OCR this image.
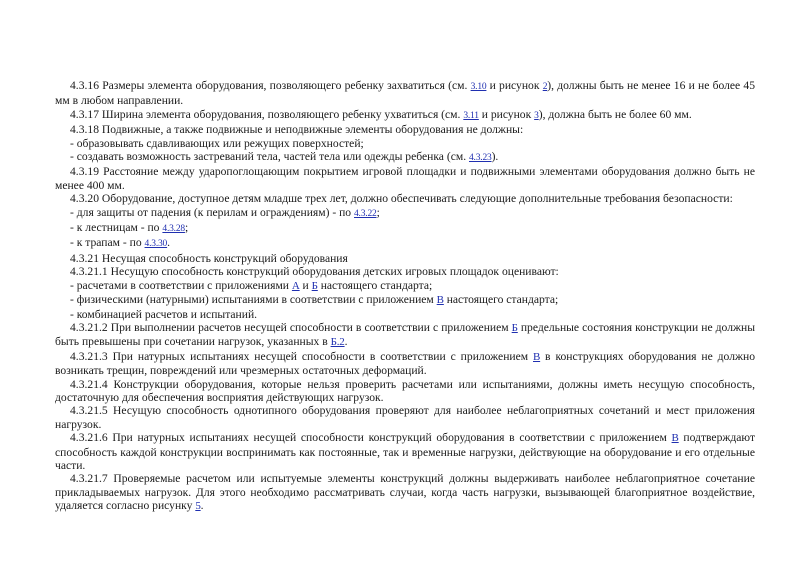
4.3.16 Размеры элемента оборудования, позволяющего ребенку захватиться (см. 3.10 и рисунок 2), должны быть не менее 16 и не более 45 мм в любом направлении.

4.3.17 Ширина элемента оборудования, позволяющего ребенку ухватиться (см. 3.11 и рисунок 3), должна быть не более 60 мм.

4.3.18 Подвижные, а также подвижные и неподвижные элементы оборудования не должны:

- образовывать сдавливающих или режущих поверхностей;

- создавать возможность застреваний тела, частей тела или одежды ребенка (см. 4.3.23).

4.3.19 Расстояние между ударопоглощающим покрытием игровой площадки и подвижными элементами оборудования должно быть не менее 400 мм.

4.3.20 Оборудование, доступное детям младше трех лет, должно обеспечивать следующие дополнительные требования безопасности:

- для защиты от падения (к перилам и ограждениям) - по 4.3.22;

- к лестницам - по 4.3.28;

- к трапам - по 4.3.30.

4.3.21 Несущая способность конструкций оборудования

4.3.21.1 Несущую способность конструкций оборудования детских игровых площадок оценивают:

- расчетами в соответствии с приложениями А и Б настоящего стандарта;

- физическими (натурными) испытаниями в соответствии с приложением В настоящего стандарта;

- комбинацией расчетов и испытаний.

4.3.21.2 При выполнении расчетов несущей способности в соответствии с приложением Б предельные состояния конструкции не должны быть превышены при сочетании нагрузок, указанных в Б.2.

4.3.21.3 При натурных испытаниях несущей способности в соответствии с приложением В в конструкциях оборудования не должно возникать трещин, повреждений или чрезмерных остаточных деформаций.

4.3.21.4 Конструкции оборудования, которые нельзя проверить расчетами или испытаниями, должны иметь несущую способность, достаточную для обеспечения восприятия действующих нагрузок.

4.3.21.5 Несущую способность однотипного оборудования проверяют для наиболее неблагоприятных сочетаний и мест приложения нагрузок.

4.3.21.6 При натурных испытаниях несущей способности конструкций оборудования в соответствии с приложением В подтверждают способность каждой конструкции воспринимать как постоянные, так и временные нагрузки, действующие на оборудование и его отдельные части.

4.3.21.7 Проверяемые расчетом или испытуемые элементы конструкций должны выдерживать наиболее неблагоприятное сочетание прикладываемых нагрузок. Для этого необходимо рассматривать случаи, когда часть нагрузки, вызывающей благоприятное воздействие, удаляется согласно рисунку 5.
